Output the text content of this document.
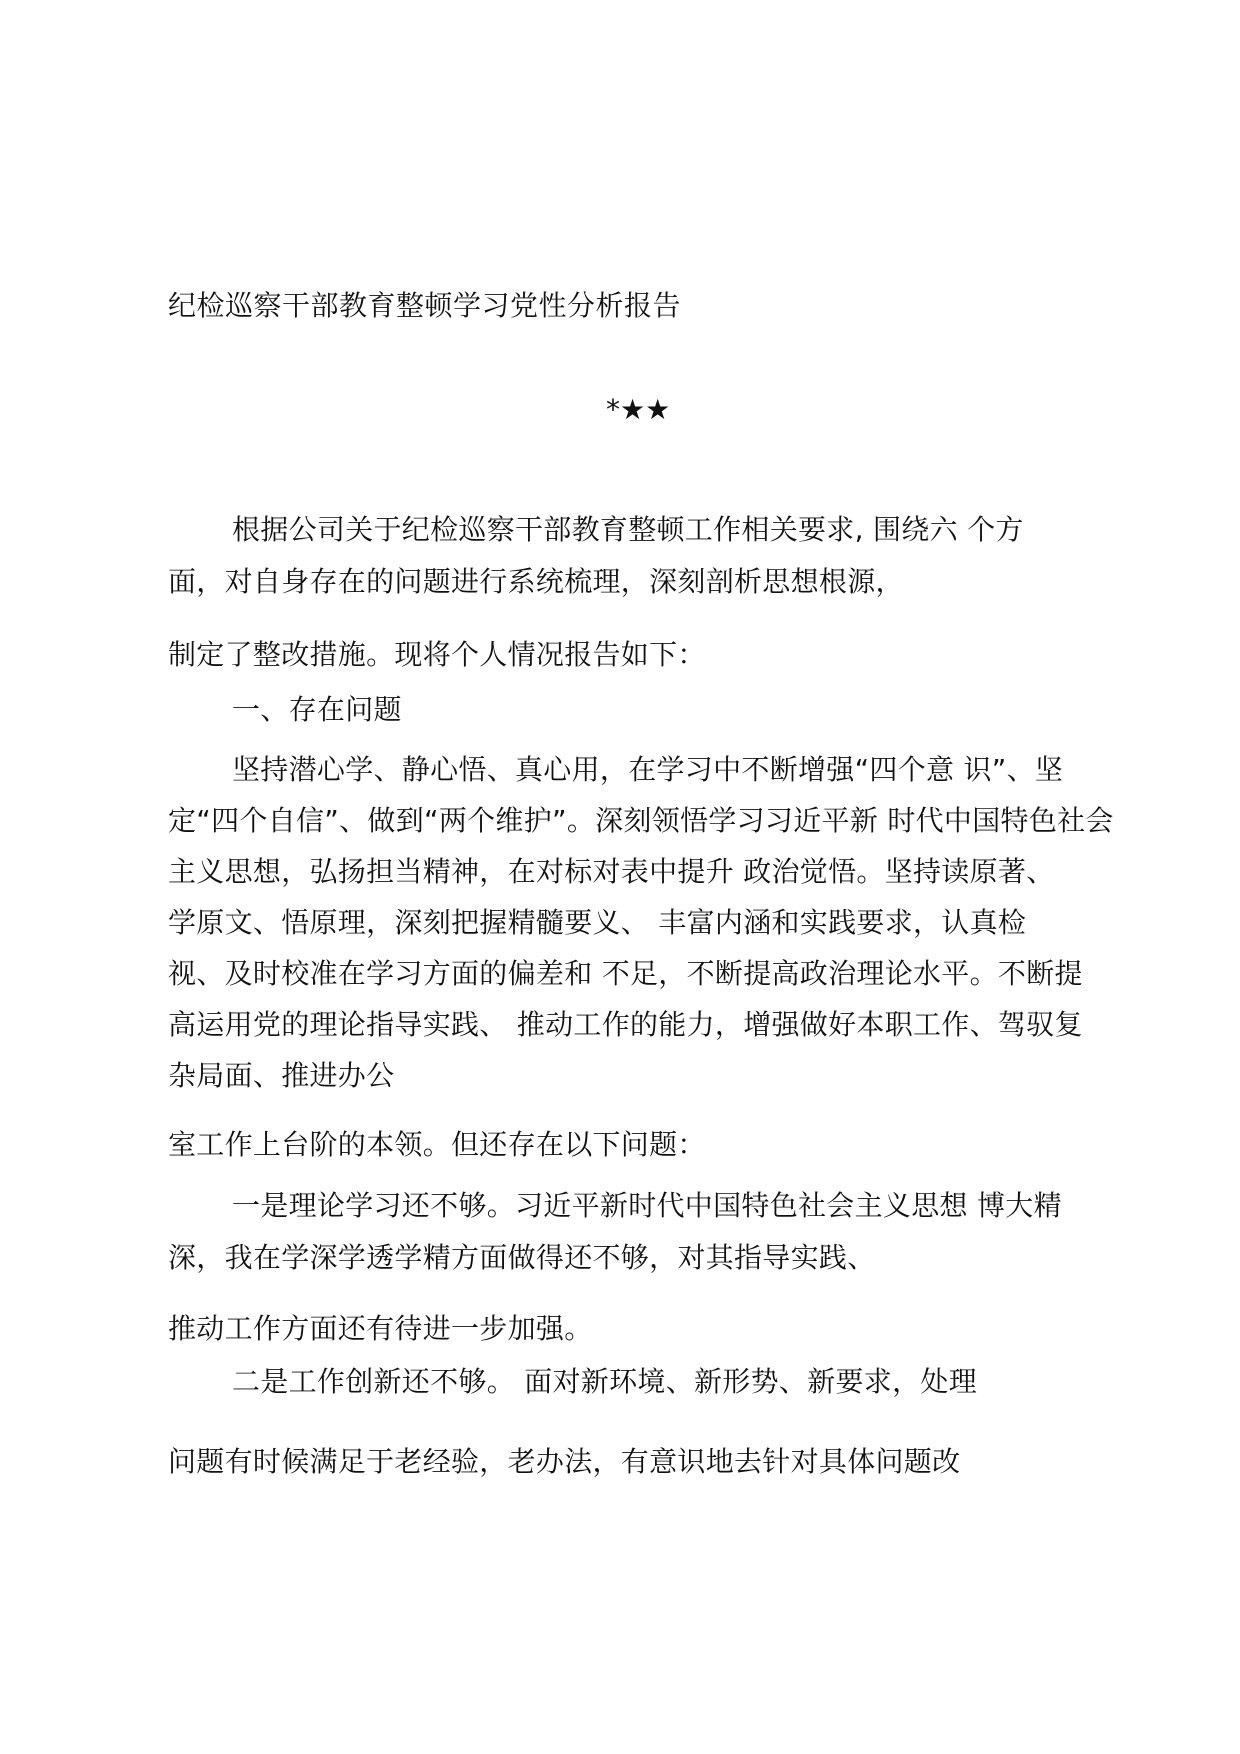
纪检巡察干部教育整顿学习党性分析报告
*★★
根据公司关于纪检巡察干部教育整顿工作相关要求, 围绕六 个方
面，对自身存在的问题进行系统梳理，深刻剖析思想根源，
制定了整改措施。现将个人情况报告如下：
一、存在问题
坚持潜心学、静心悟、真心用，在学习中不断增强“四个意 识”、坚
定“四个自信”、做到“两个维护”。深刻领悟学习习近平新 时代中国特色社会
主义思想，弘扬担当精神，在对标对表中提升 政治觉悟。坚持读原著、
学原文、悟原理，深刻把握精髓要义、 丰富内涵和实践要求，认真检
视、及时校准在学习方面的偏差和 不足，不断提高政治理论水平。不断提
高运用党的理论指导实践、 推动工作的能力，增强做好本职工作、驾驭复
杂局面、推进办公
室工作上台阶的本领。但还存在以下问题：
一是理论学习还不够。习近平新时代中国特色社会主义思想 博大精
深，我在学深学透学精方面做得还不够，对其指导实践、
推动工作方面还有待进一步加强。
二是工作创新还不够。 面对新环境、新形势、新要求，处理
问题有时候满足于老经验，老办法，有意识地去针对具体问题改
